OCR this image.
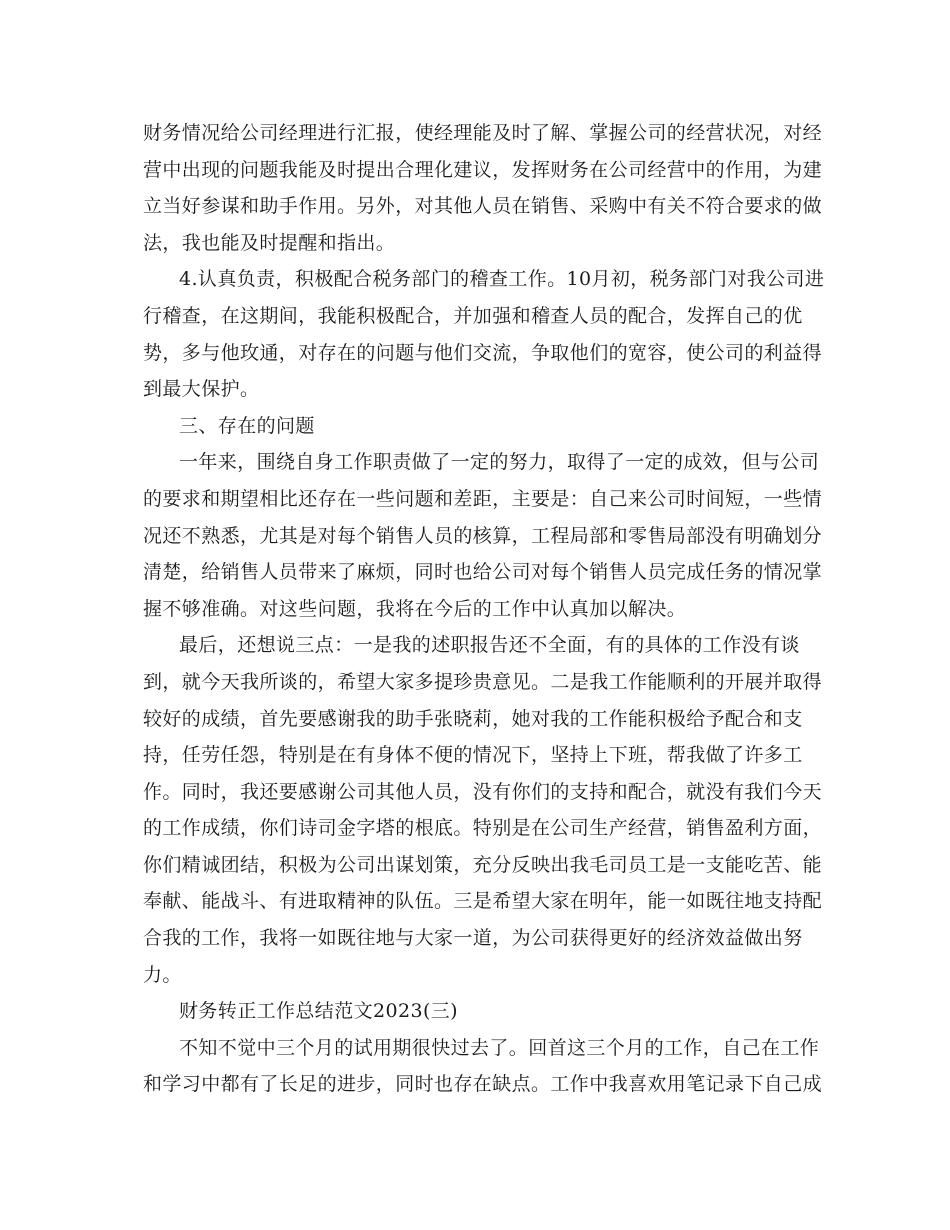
财务情况给公司经理进行汇报，使经理能及时了解、掌握公司的经营状况，对经
营中出现的问题我能及时提出合理化建议，发挥财务在公司经营中的作用，为建
立当好参谋和助手作用。另外，对其他人员在销售、采购中有关不符合要求的做
法，我也能及时提醒和指出。
4.认真负责，积极配合税务部门的稽查工作。10月初，税务部门对我公司进
行稽查，在这期间，我能积极配合，并加强和稽查人员的配合，发挥自己的优
势，多与他玫通，对存在的问题与他们交流，争取他们的宽容，使公司的利益得
到最大保护。
三、存在的问题
一年来，围绕自身工作职责做了一定的努力，取得了一定的成效，但与公司
的要求和期望相比还存在一些问题和差距，主要是：自己来公司时间短，一些情
况还不熟悉，尤其是对每个销售人员的核算，工程局部和零售局部没有明确划分
清楚，给销售人员带来了麻烦，同时也给公司对每个销售人员完成任务的情况掌
握不够准确。对这些问题，我将在今后的工作中认真加以解决。
最后，还想说三点：一是我的述职报告还不全面，有的具体的工作没有谈
到，就今天我所谈的，希望大家多提珍贵意见。二是我工作能顺利的开展并取得
较好的成绩，首先要感谢我的助手张晓莉，她对我的工作能积极给予配合和支
持，任劳任怨，特别是在有身体不便的情况下，坚持上下班，帮我做了许多工
作。同时，我还要感谢公司其他人员，没有你们的支持和配合，就没有我们今天
的工作成绩，你们诗司金字塔的根底。特别是在公司生产经营，销售盈利方面，
你们精诚团结，积极为公司出谋划策，充分反映出我毛司员工是一支能吃苦、能
奉献、能战斗、有进取精神的队伍。三是希望大家在明年，能一如既往地支持配
合我的工作，我将一如既往地与大家一道，为公司获得更好的经济效益做出努
力。
财务转正工作总结范文2023(三)
不知不觉中三个月的试用期很快过去了。回首这三个月的工作，自己在工作
和学习中都有了长足的进步，同时也存在缺点。工作中我喜欢用笔记录下自己成
